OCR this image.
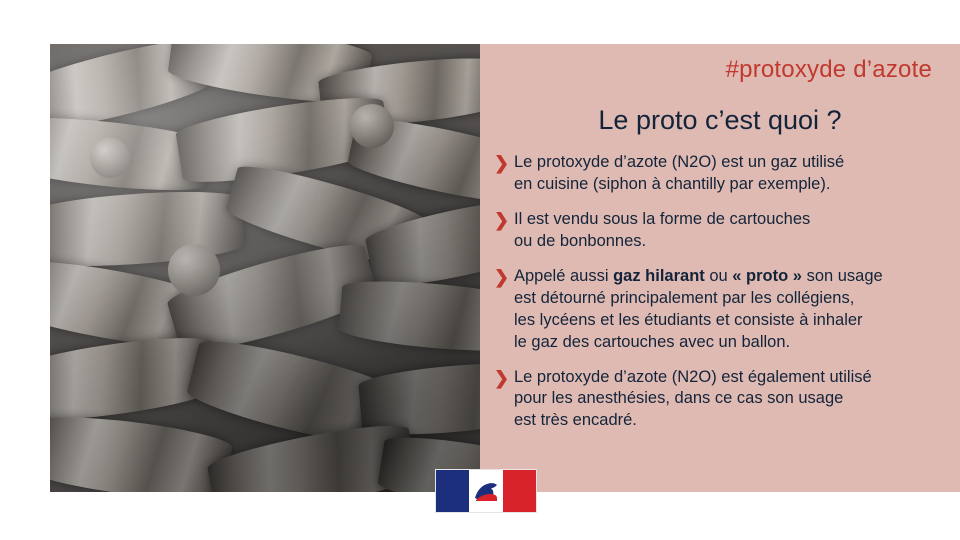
#protoxyde d’azote
Le proto c’est quoi ?
❯ Le protoxyde d’azote (N2O) est un gaz utilisé
en cuisine (siphon à chantilly par exemple).
❯ Il est vendu sous la forme de cartouches
ou de bonbonnes.
❯ Appelé aussi gaz hilarant ou « proto » son usage
est détourné principalement par les collégiens,
les lycéens et les étudiants et consiste à inhaler
le gaz des cartouches avec un ballon.
❯ Le protoxyde d’azote (N2O) est également utilisé
pour les anesthésies, dans ce cas son usage
est très encadré.
